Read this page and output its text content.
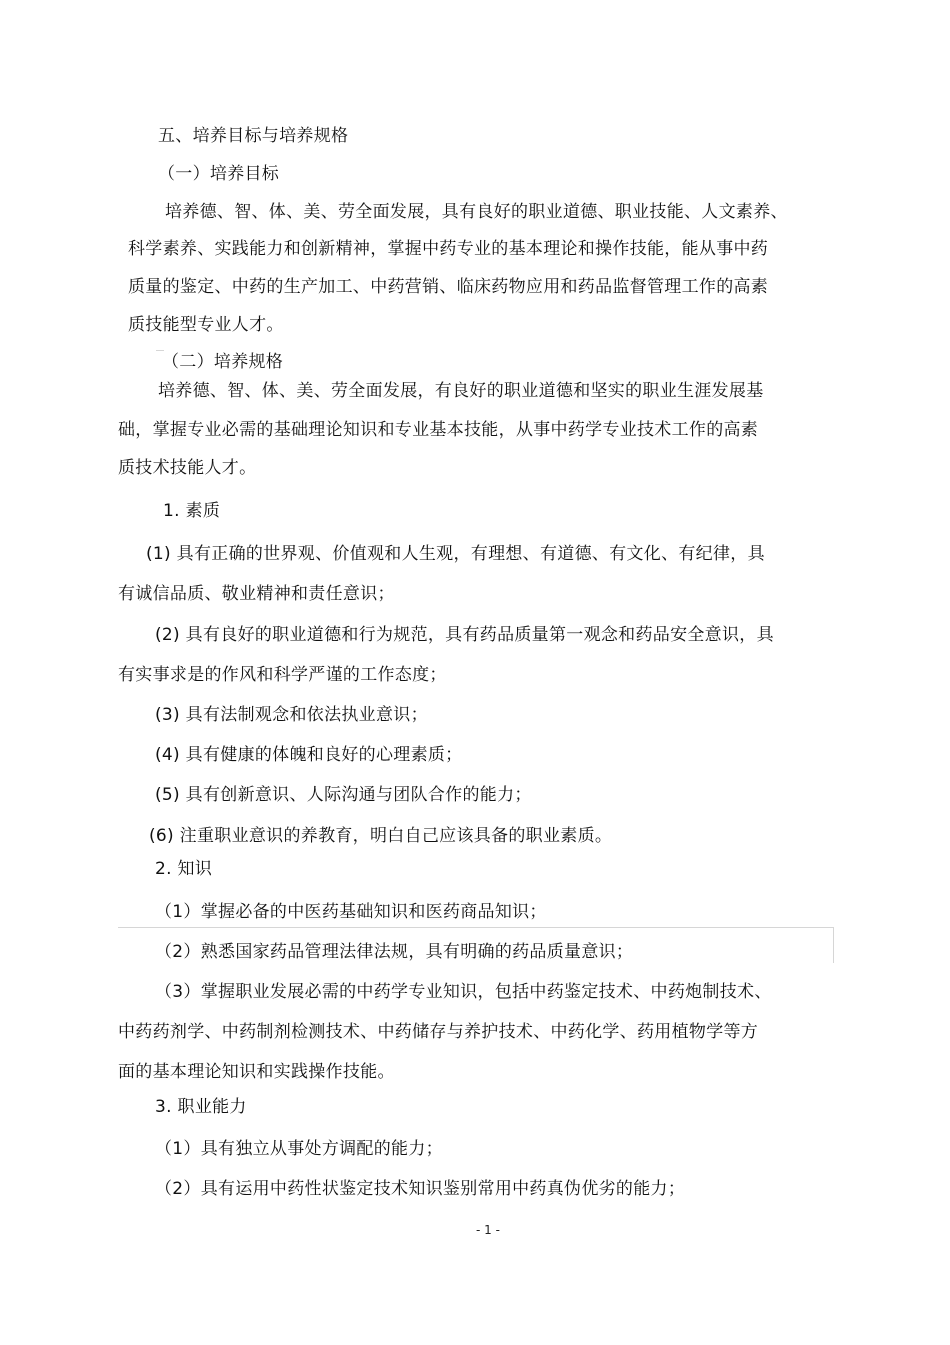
五、培养目标与培养规格
（一）培养目标
培养德、智、体、美、劳全面发展，具有良好的职业道德、职业技能、人文素养、
科学素养、实践能力和创新精神，掌握中药专业的基本理论和操作技能，能从事中药
质量的鉴定、中药的生产加工、中药营销、临床药物应用和药品监督管理工作的高素
质技能型专业人才。
（二）培养规格
培养德、智、体、美、劳全面发展，有良好的职业道德和坚实的职业生涯发展基
础，掌握专业必需的基础理论知识和专业基本技能，从事中药学专业技术工作的高素
质技术技能人才。
1. 素质
(1) 具有正确的世界观、价值观和人生观，有理想、有道德、有文化、有纪律，具
有诚信品质、敬业精神和责任意识；
(2) 具有良好的职业道德和行为规范，具有药品质量第一观念和药品安全意识，具
有实事求是的作风和科学严谨的工作态度；
(3) 具有法制观念和依法执业意识；
(4) 具有健康的体魄和良好的心理素质；
(5) 具有创新意识、人际沟通与团队合作的能力；
(6) 注重职业意识的养教育，明白自己应该具备的职业素质。
2. 知识
（1）掌握必备的中医药基础知识和医药商品知识；
（2）熟悉国家药品管理法律法规，具有明确的药品质量意识；
（3）掌握职业发展必需的中药学专业知识，包括中药鉴定技术、中药炮制技术、
中药药剂学、中药制剂检测技术、中药储存与养护技术、中药化学、药用植物学等方
面的基本理论知识和实践操作技能。
3. 职业能力
（1）具有独立从事处方调配的能力；
（2）具有运用中药性状鉴定技术知识鉴别常用中药真伪优劣的能力；
- 1 -
